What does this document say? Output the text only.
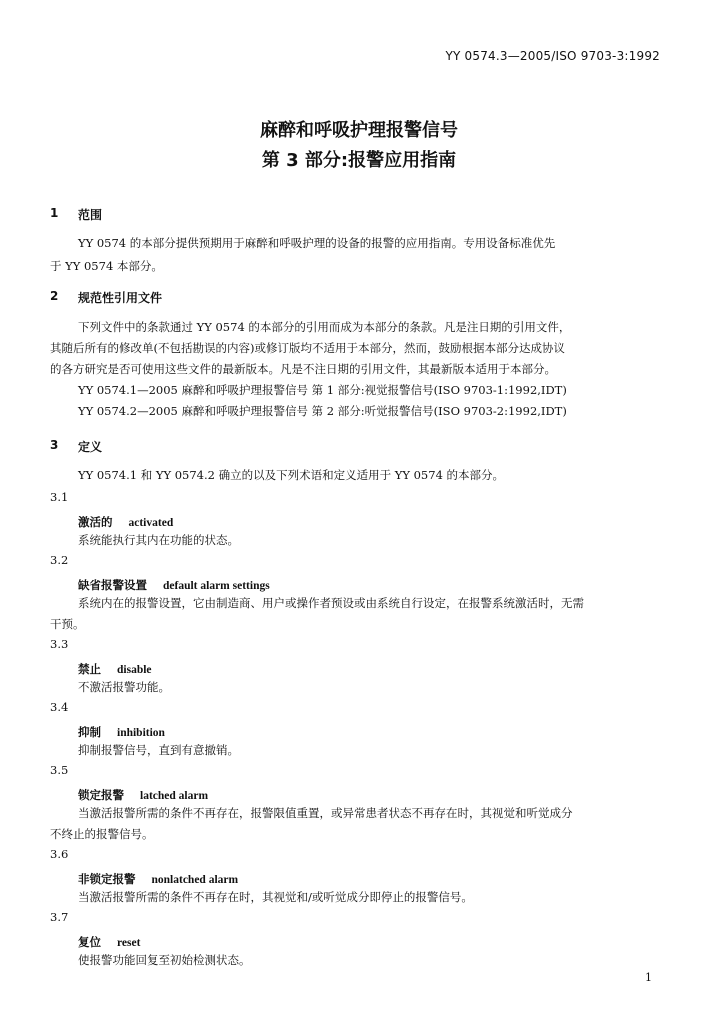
YY 0574.3—2005/ISO 9703-3:1992
麻醉和呼吸护理报警信号
第 3 部分:报警应用指南
1 范围
YY 0574 的本部分提供预期用于麻醉和呼吸护理的设备的报警的应用指南。专用设备标准优先
于 YY 0574 本部分。
2 规范性引用文件
下列文件中的条款通过 YY 0574 的本部分的引用而成为本部分的条款。凡是注日期的引用文件，
其随后所有的修改单(不包括勘误的内容)或修订版均不适用于本部分，然而，鼓励根据本部分达成协议
的各方研究是否可使用这些文件的最新版本。凡是不注日期的引用文件，其最新版本适用于本部分。
YY 0574.1—2005 麻醉和呼吸护理报警信号 第 1 部分:视觉报警信号(ISO 9703-1:1992,IDT)
YY 0574.2—2005 麻醉和呼吸护理报警信号 第 2 部分:听觉报警信号(ISO 9703-2:1992,IDT)
3 定义
YY 0574.1 和 YY 0574.2 确立的以及下列术语和定义适用于 YY 0574 的本部分。
3.1
激活的 activated
系统能执行其内在功能的状态。
3.2
缺省报警设置 default alarm settings
系统内在的报警设置，它由制造商、用户或操作者预设或由系统自行设定，在报警系统激活时，无需
干预。
3.3
禁止 disable
不激活报警功能。
3.4
抑制 inhibition
抑制报警信号，直到有意撤销。
3.5
锁定报警 latched alarm
当激活报警所需的条件不再存在，报警限值重置，或异常患者状态不再存在时，其视觉和听觉成分
不终止的报警信号。
3.6
非锁定报警 nonlatched alarm
当激活报警所需的条件不再存在时，其视觉和/或听觉成分即停止的报警信号。
3.7
复位 reset
使报警功能回复至初始检测状态。
1
